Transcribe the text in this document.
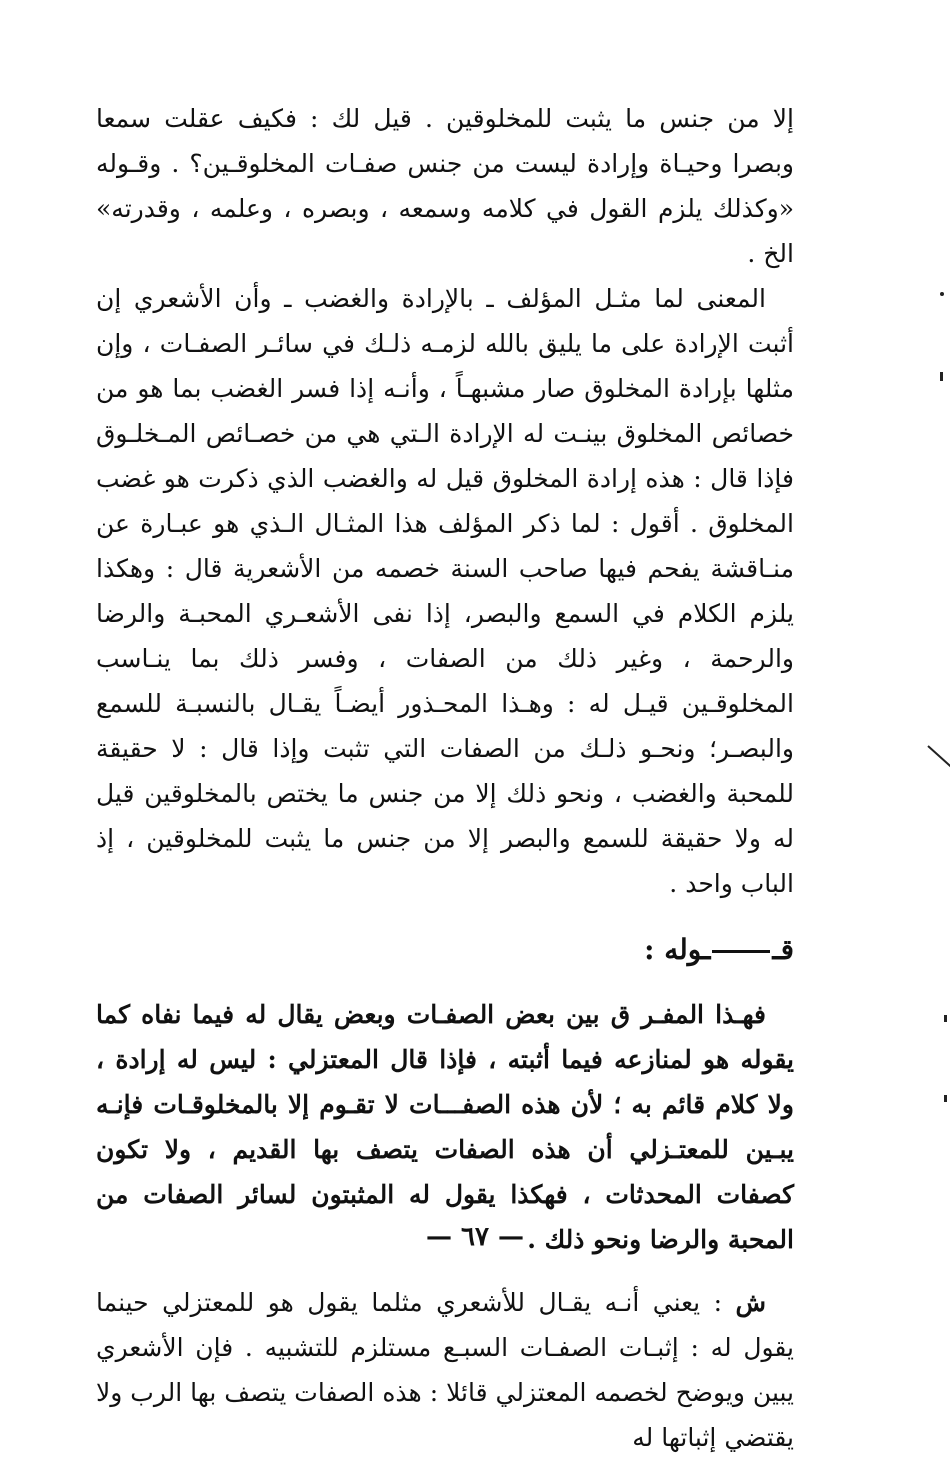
إلا من جنس ما يثبت للمخلوقين . قيل لك : فكيف عقلت سمعا وبصرا وحيـاة وإرادة ليست من جنس صفـات المخلوقـين؟ . وقـوله «وكذلك يلزم القول في كلامه وسمعه ، وبصره ، وعلمه ، وقدرته» الخ .

المعنى لما مثـل المؤلف ـ بالإرادة والغضب ـ وأن الأشعري إن أثبت الإرادة على ما يليق بالله لزمـه ذلـك في سائـر الصفـات ، وإن مثلها بإرادة المخلوق صار مشبهـاً ، وأنـه إذا فسر الغضب بما هو من خصائص المخلوق بينـت له الإرادة الـتي هي من خصـائص المـخلـوق فإذا قال : هذه إرادة المخلوق قيل له والغضب الذي ذكرت هو غضب المخلوق . أقول : لما ذكر المؤلف هذا المثـال الـذي هو عبـارة عن منـاقشة يفحم فيها صاحب السنة خصمه من الأشعرية قال : وهكذا يلزم الكلام في السمع والبصر، إذا نفى الأشعـري المحبـة والرضا والرحمة ، وغير ذلك من الصفات ، وفسر ذلك بما ينـاسب المخلوقـين قيـل له : وهـذا المحـذور أيضـاً يقـال بالنسبـة للسمع والبصـر؛ ونحـو ذلـك من الصفات التي تثبت وإذا قال : لا حقيقة للمحبة والغضب ، ونحو ذلك إلا من جنس ما يختص بالمخلوقين قيل له ولا حقيقة للسمع والبصر إلا من جنس ما يثبت للمخلوقين ، إذ الباب واحد .

قــوله :

فهـذا المفـر ق بين بعض الصفـات وبعض يقال له فيما نفاه كما يقوله هو لمنازعه فيما أثبته ، فإذا قال المعتزلي : ليس له إرادة ، ولا كلام قائم به ؛ لأن هذه الصفـــات لا تقـوم إلا بالمخلوقـات فإنـه يبـين للمعتـزلي أن هذه الصفات يتصف بها القديم ، ولا تكون كصفات المحدثات ، فهكذا يقول له المثبتون لسائر الصفات من المحبة والرضا ونحو ذلك .

ش : يعني أنـه يقـال للأشعري مثلما يقول هو للمعتزلي حينما يقول له : إثبـات الصفـات السبـع مستلزم للتشبيه . فإن الأشعري يبين ويوضح لخصمه المعتزلي قائلا : هذه الصفات يتصف بها الرب ولا يقتضي إثباتها له

— ٦٧ —
